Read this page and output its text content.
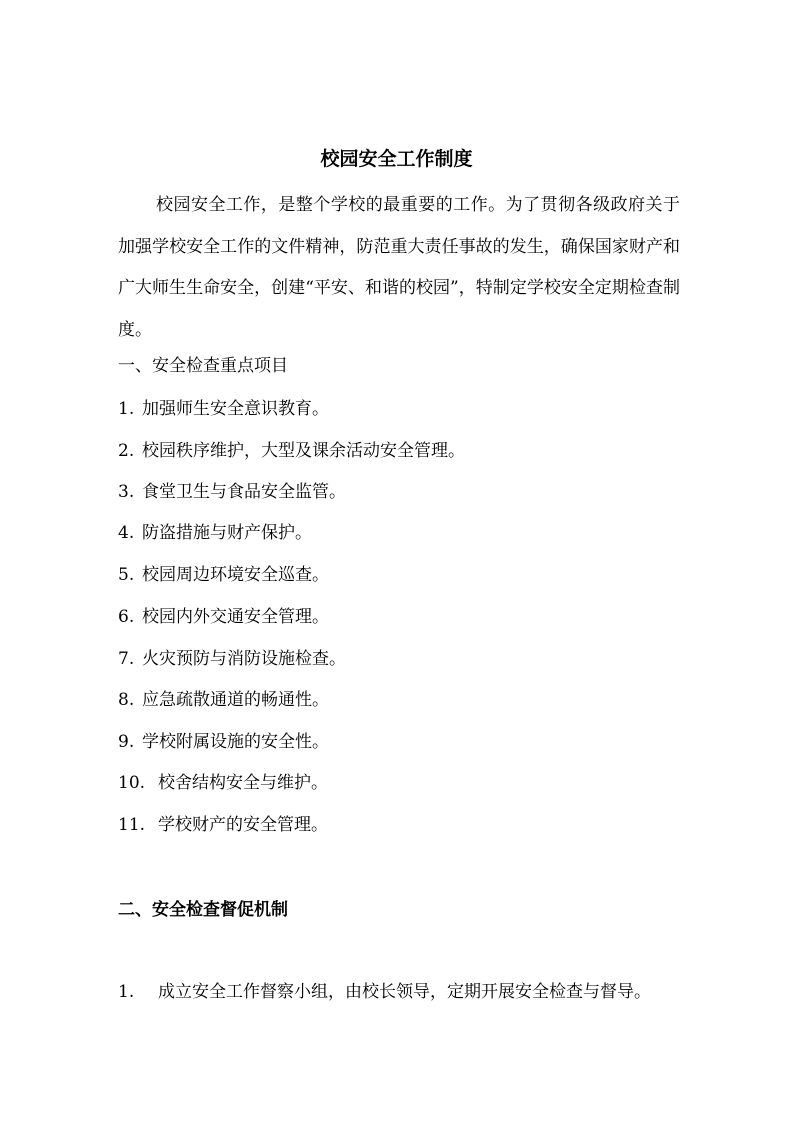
校园安全工作制度

校园安全工作，是整个学校的最重要的工作。为了贯彻各级政府关于加强学校安全工作的文件精神，防范重大责任事故的发生，确保国家财产和广大师生生命安全，创建“平安、和谐的校园”，特制定学校安全定期检查制度。

一、安全检查重点项目

1. 加强师生安全意识教育。

2. 校园秩序维护，大型及课余活动安全管理。

3. 食堂卫生与食品安全监管。

4. 防盗措施与财产保护。

5. 校园周边环境安全巡查。

6. 校园内外交通安全管理。

7. 火灾预防与消防设施检查。

8. 应急疏散通道的畅通性。

9. 学校附属设施的安全性。

10. 校舍结构安全与维护。

11. 学校财产的安全管理。

二、安全检查督促机制

1. 成立安全工作督察小组，由校长领导，定期开展安全检查与督导。
